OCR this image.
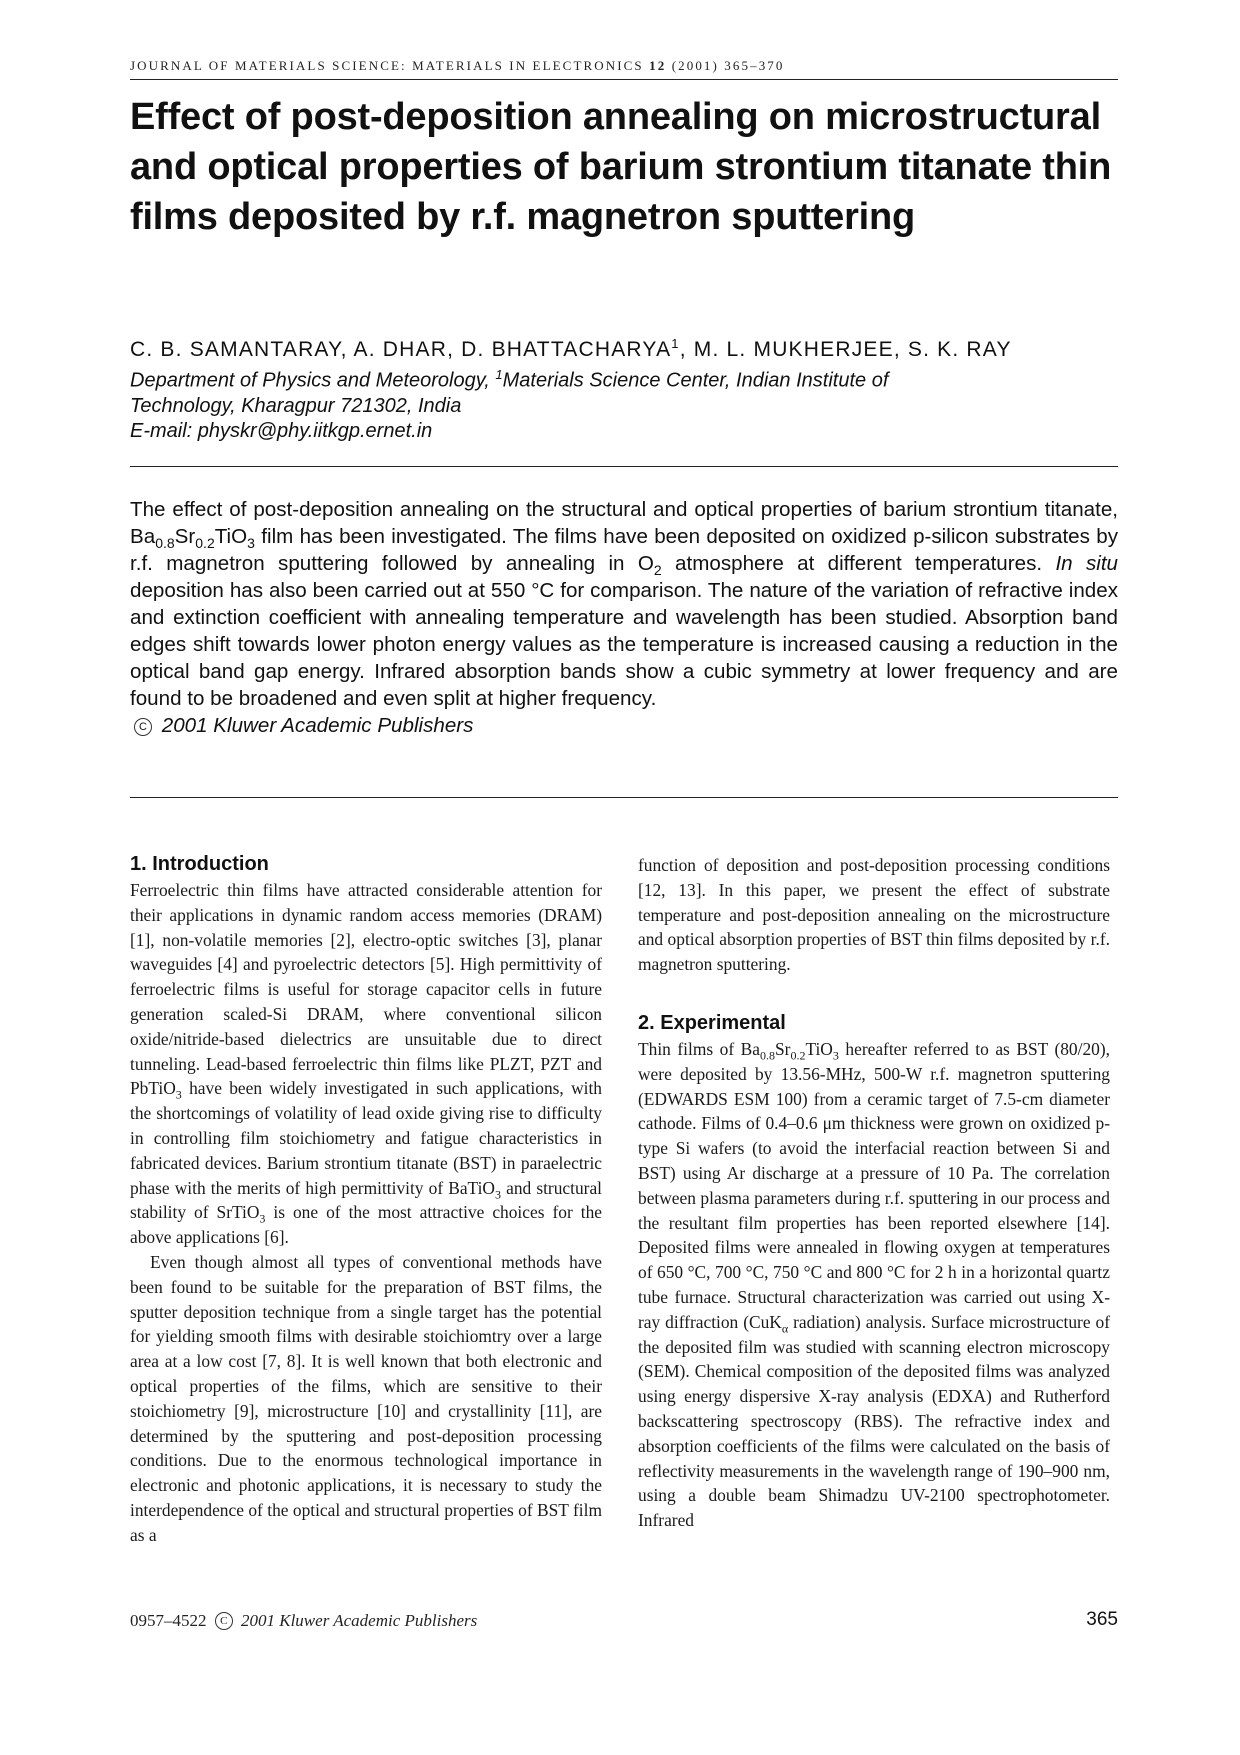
JOURNAL OF MATERIALS SCIENCE: MATERIALS IN ELECTRONICS 12 (2001) 365–370
Effect of post-deposition annealing on microstructural and optical properties of barium strontium titanate thin films deposited by r.f. magnetron sputtering
C. B. SAMANTARAY, A. DHAR, D. BHATTACHARYA$^1$, M. L. MUKHERJEE, S. K. RAY
Department of Physics and Meteorology, $^1$Materials Science Center, Indian Institute of
Technology, Kharagpur 721302, India
E-mail: physkr@phy.iitkgp.ernet.in
The effect of post-deposition annealing on the structural and optical properties of barium strontium titanate, $Ba_{0.8}Sr_{0.2}TiO_3$ film has been investigated. The films have been deposited on oxidized p-silicon substrates by r.f. magnetron sputtering followed by annealing in $O_2$ atmosphere at different temperatures. In situ deposition has also been carried out at 550 °C for comparison. The nature of the variation of refractive index and extinction coefficient with annealing temperature and wavelength has been studied. Absorption band edges shift towards lower photon energy values as the temperature is increased causing a reduction in the optical band gap energy. Infrared absorption bands show a cubic symmetry at lower frequency and are found to be broadened and even split at higher frequency.
C 2001 Kluwer Academic Publishers
1. Introduction

Ferroelectric thin films have attracted considerable attention for their applications in dynamic random access memories (DRAM) [1], non-volatile memories [2], electro-optic switches [3], planar waveguides [4] and pyroelectric detectors [5]. High permittivity of ferroelectric films is useful for storage capacitor cells in future generation scaled-Si DRAM, where conventional silicon oxide/nitride-based dielectrics are unsuitable due to direct tunneling. Lead-based ferroelectric thin films like PLZT, PZT and PbTiO$_3$ have been widely investigated in such applications, with the shortcomings of volatility of lead oxide giving rise to difficulty in controlling film stoichiometry and fatigue characteristics in fabricated devices. Barium strontium titanate (BST) in paraelectric phase with the merits of high permittivity of BaTiO$_3$ and structural stability of SrTiO$_3$ is one of the most attractive choices for the above applications [6].

Even though almost all types of conventional methods have been found to be suitable for the preparation of BST films, the sputter deposition technique from a single target has the potential for yielding smooth films with desirable stoichiomtry over a large area at a low cost [7, 8]. It is well known that both electronic and optical properties of the films, which are sensitive to their stoichiometry [9], microstructure [10] and crystallinity [11], are determined by the sputtering and post-deposition processing conditions. Due to the enormous technological importance in electronic and photonic applications, it is necessary to study the interdependence of the optical and structural properties of BST film as a

function of deposition and post-deposition processing conditions [12, 13]. In this paper, we present the effect of substrate temperature and post-deposition annealing on the microstructure and optical absorption properties of BST thin films deposited by r.f. magnetron sputtering.

2. Experimental

Thin films of $Ba_{0.8}Sr_{0.2}TiO_3$ hereafter referred to as BST (80/20), were deposited by 13.56-MHz, 500-W r.f. magnetron sputtering (EDWARDS ESM 100) from a ceramic target of 7.5-cm diameter cathode. Films of 0.4–0.6 μm thickness were grown on oxidized p-type Si wafers (to avoid the interfacial reaction between Si and BST) using Ar discharge at a pressure of 10 Pa. The correlation between plasma parameters during r.f. sputtering in our process and the resultant film properties has been reported elsewhere [14]. Deposited films were annealed in flowing oxygen at temperatures of 650 °C, 700 °C, 750 °C and 800 °C for 2 h in a horizontal quartz tube furnace. Structural characterization was carried out using X-ray diffraction (CuK$_\alpha$ radiation) analysis. Surface microstructure of the deposited film was studied with scanning electron microscopy (SEM). Chemical composition of the deposited films was analyzed using energy dispersive X-ray analysis (EDXA) and Rutherford backscattering spectroscopy (RBS). The refractive index and absorption coefficients of the films were calculated on the basis of reflectivity measurements in the wavelength range of 190–900 nm, using a double beam Shimadzu UV-2100 spectrophotometer. Infrared

0957–4522 C 2001 Kluwer Academic Publishers	365
